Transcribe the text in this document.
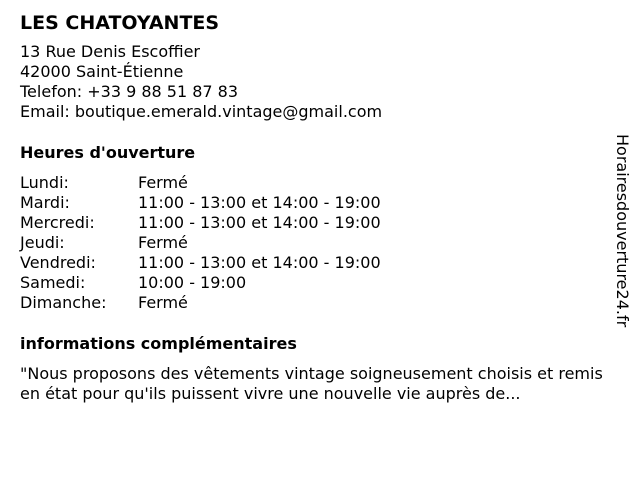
LES CHATOYANTES
13 Rue Denis Escoffier
42000 Saint-Étienne
Telefon: +33 9 88 51 87 83
Email: boutique.emerald.vintage@gmail.com
Heures d'ouverture
Lundi:	Fermé
Mardi:	11:00 - 13:00 et 14:00 - 19:00
Mercredi:	11:00 - 13:00 et 14:00 - 19:00
Jeudi:	Fermé
Vendredi:	11:00 - 13:00 et 14:00 - 19:00
Samedi:	10:00 - 19:00
Dimanche:	Fermé
informations complémentaires
"Nous proposons des vêtements vintage soigneusement choisis et remis en état pour qu'ils puissent vivre une nouvelle vie auprès de...
Horairesdouverture24.fr
